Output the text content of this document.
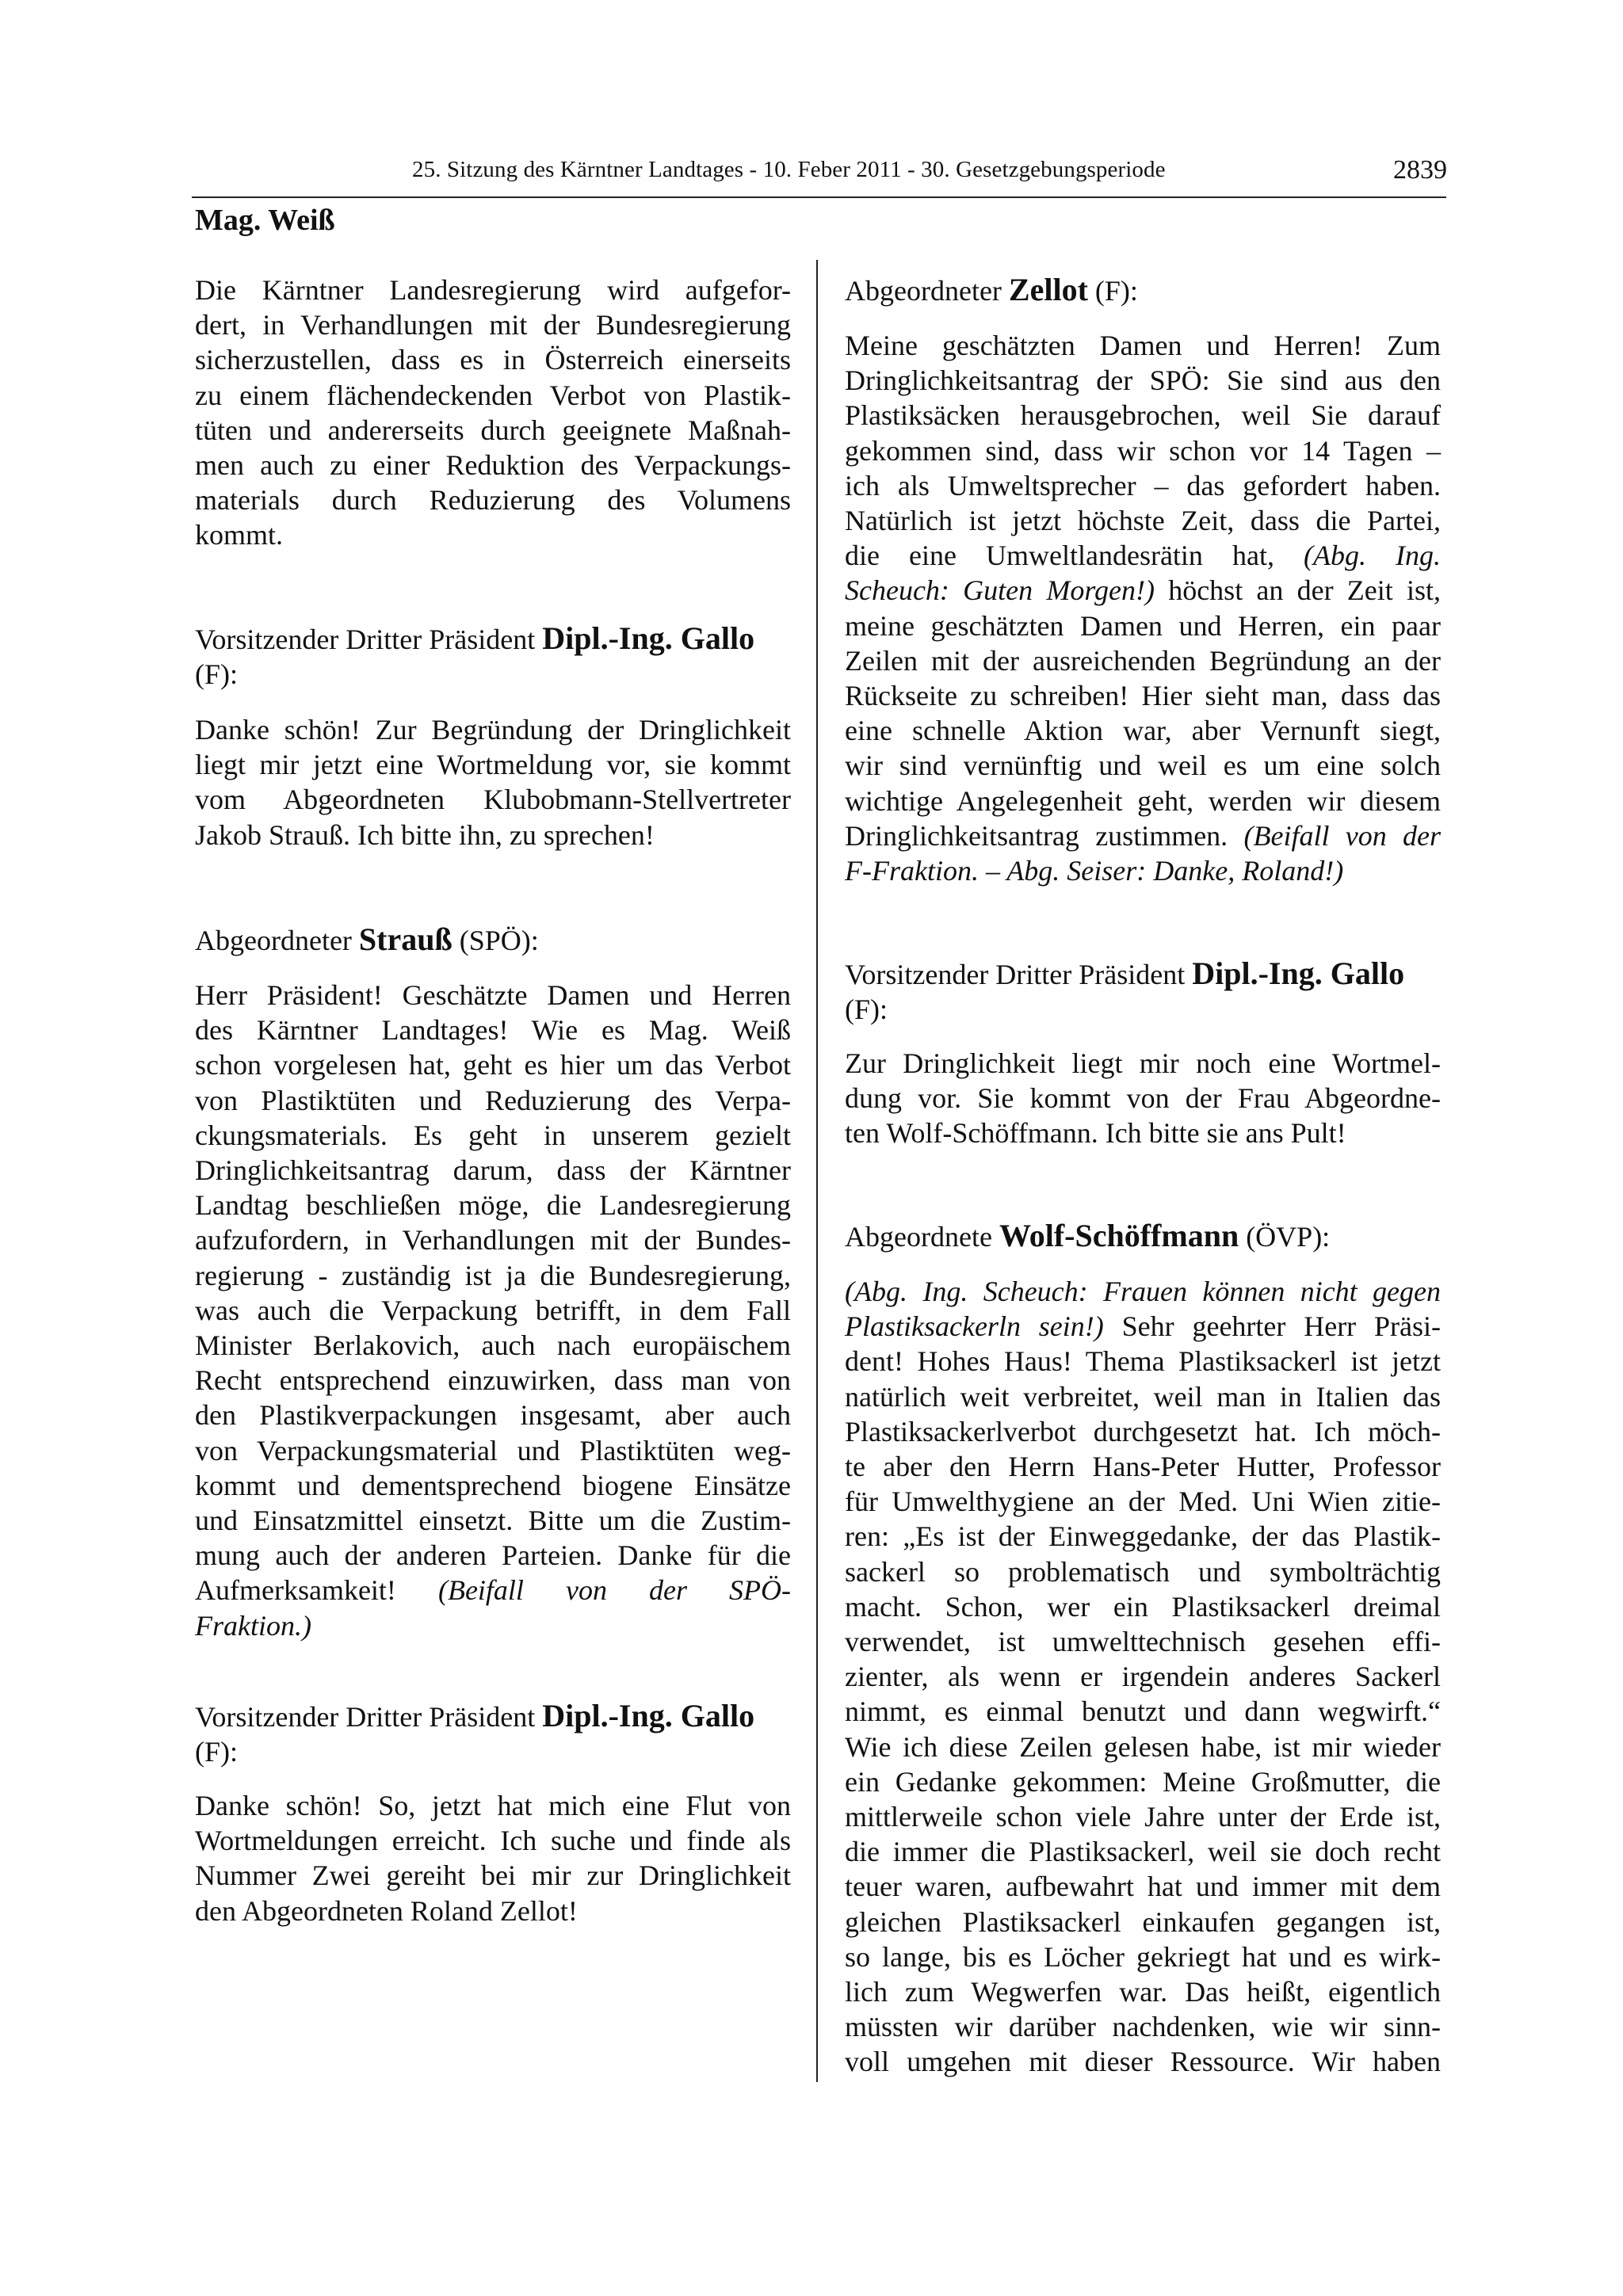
25. Sitzung des Kärntner Landtages - 10. Feber 2011 - 30. Gesetzgebungsperiode	2839
Mag. Weiß
Die Kärntner Landesregierung wird aufgefor-
dert, in Verhandlungen mit der Bundesregierung
sicherzustellen, dass es in Österreich einerseits
zu einem flächendeckenden Verbot von Plastik-
tüten und andererseits durch geeignete Maßnah-
men auch zu einer Reduktion des Verpackungs-
materials durch Reduzierung des Volumens
kommt.
Vorsitzender Dritter Präsident Dipl.-Ing. Gallo
(F):
Danke schön! Zur Begründung der Dringlichkeit
liegt mir jetzt eine Wortmeldung vor, sie kommt
vom Abgeordneten Klubobmann-Stellvertreter
Jakob Strauß. Ich bitte ihn, zu sprechen!
Abgeordneter Strauß (SPÖ):
Herr Präsident! Geschätzte Damen und Herren
des Kärntner Landtages! Wie es Mag. Weiß
schon vorgelesen hat, geht es hier um das Verbot
von Plastiktüten und Reduzierung des Verpa-
ckungsmaterials. Es geht in unserem gezielt
Dringlichkeitsantrag darum, dass der Kärntner
Landtag beschließen möge, die Landesregierung
aufzufordern, in Verhandlungen mit der Bundes-
regierung - zuständig ist ja die Bundesregierung,
was auch die Verpackung betrifft, in dem Fall
Minister Berlakovich, auch nach europäischem
Recht entsprechend einzuwirken, dass man von
den Plastikverpackungen insgesamt, aber auch
von Verpackungsmaterial und Plastiktüten weg-
kommt und dementsprechend biogene Einsätze
und Einsatzmittel einsetzt. Bitte um die Zustim-
mung auch der anderen Parteien. Danke für die
Aufmerksamkeit! (Beifall von der SPÖ-
Fraktion.)
Vorsitzender Dritter Präsident Dipl.-Ing. Gallo
(F):
Danke schön! So, jetzt hat mich eine Flut von
Wortmeldungen erreicht. Ich suche und finde als
Nummer Zwei gereiht bei mir zur Dringlichkeit
den Abgeordneten Roland Zellot!
Abgeordneter Zellot (F):
Meine geschätzten Damen und Herren! Zum
Dringlichkeitsantrag der SPÖ: Sie sind aus den
Plastiksäcken herausgebrochen, weil Sie darauf
gekommen sind, dass wir schon vor 14 Tagen –
ich als Umweltsprecher – das gefordert haben.
Natürlich ist jetzt höchste Zeit, dass die Partei,
die eine Umweltlandesrätin hat, (Abg. Ing.
Scheuch: Guten Morgen!) höchst an der Zeit ist,
meine geschätzten Damen und Herren, ein paar
Zeilen mit der ausreichenden Begründung an der
Rückseite zu schreiben! Hier sieht man, dass das
eine schnelle Aktion war, aber Vernunft siegt,
wir sind vernünftig und weil es um eine solch
wichtige Angelegenheit geht, werden wir diesem
Dringlichkeitsantrag zustimmen. (Beifall von der
F-Fraktion. – Abg. Seiser: Danke, Roland!)
Vorsitzender Dritter Präsident Dipl.-Ing. Gallo
(F):
Zur Dringlichkeit liegt mir noch eine Wortmel-
dung vor. Sie kommt von der Frau Abgeordne-
ten Wolf-Schöffmann. Ich bitte sie ans Pult!
Abgeordnete Wolf-Schöffmann (ÖVP):
(Abg. Ing. Scheuch: Frauen können nicht gegen
Plastiksackerln sein!) Sehr geehrter Herr Präsi-
dent! Hohes Haus! Thema Plastiksackerl ist jetzt
natürlich weit verbreitet, weil man in Italien das
Plastiksackerlverbot durchgesetzt hat. Ich möch-
te aber den Herrn Hans-Peter Hutter, Professor
für Umwelthygiene an der Med. Uni Wien zitie-
ren: „Es ist der Einweggedanke, der das Plastik-
sackerl so problematisch und symbolträchtig
macht. Schon, wer ein Plastiksackerl dreimal
verwendet, ist umwelttechnisch gesehen effi-
zienter, als wenn er irgendein anderes Sackerl
nimmt, es einmal benutzt und dann wegwirft.“
Wie ich diese Zeilen gelesen habe, ist mir wieder
ein Gedanke gekommen: Meine Großmutter, die
mittlerweile schon viele Jahre unter der Erde ist,
die immer die Plastiksackerl, weil sie doch recht
teuer waren, aufbewahrt hat und immer mit dem
gleichen Plastiksackerl einkaufen gegangen ist,
so lange, bis es Löcher gekriegt hat und es wirk-
lich zum Wegwerfen war. Das heißt, eigentlich
müssten wir darüber nachdenken, wie wir sinn-
voll umgehen mit dieser Ressource. Wir haben
